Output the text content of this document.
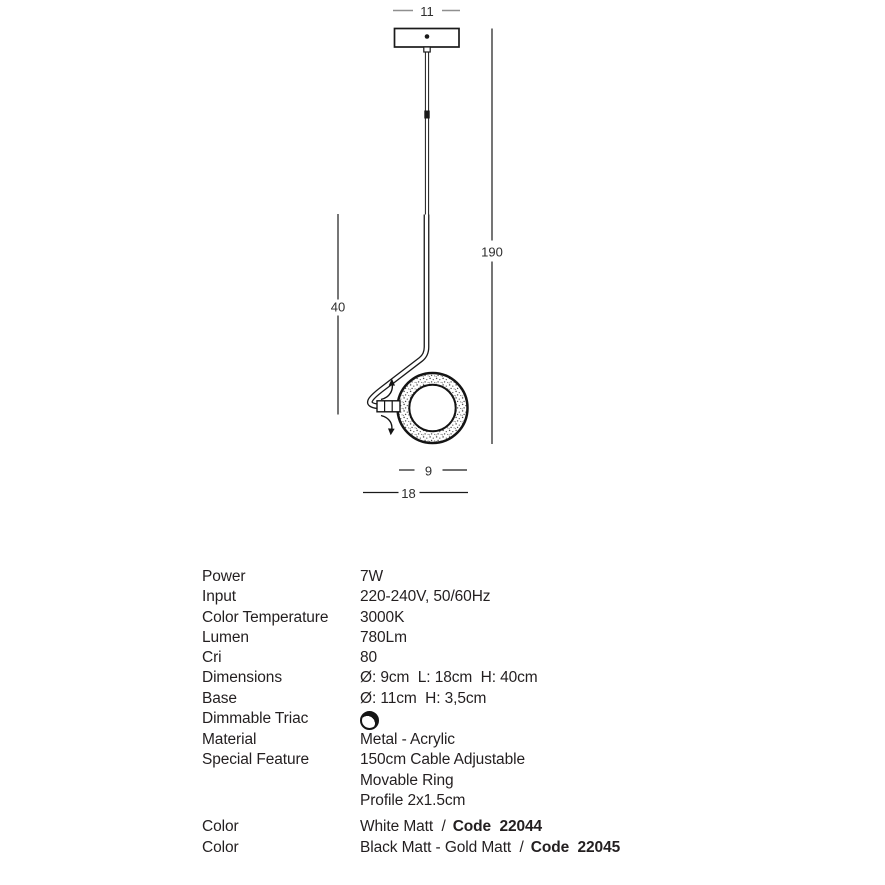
11
190
40
9
18
Power	7W
Input	220-240V, 50/60Hz
Color Temperature	3000K
Lumen	780Lm
Cri	80
Dimensions	Ø: 9cm  L: 18cm  H: 40cm
Base	Ø: 11cm  H: 3,5cm
Dimmable Triac
Material	Metal - Acrylic
Special Feature	150cm Cable Adjustable
Movable Ring
Profile 2x1.5cm
Color	White Matt  / Code  22044
Color	Black Matt - Gold Matt  / Code  22045
